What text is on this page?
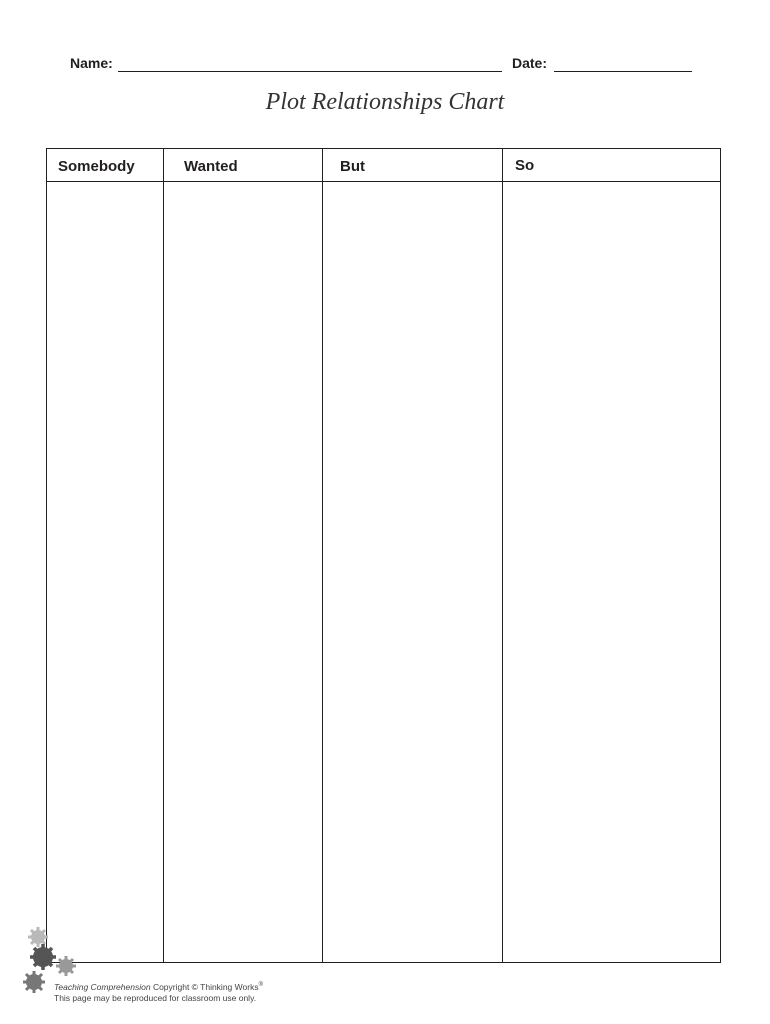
Name:	Date:
Plot Relationships Chart
Somebody	Wanted	But	So
Teaching Comprehension Copyright © Thinking Works®
This page may be reproduced for classroom use only.
